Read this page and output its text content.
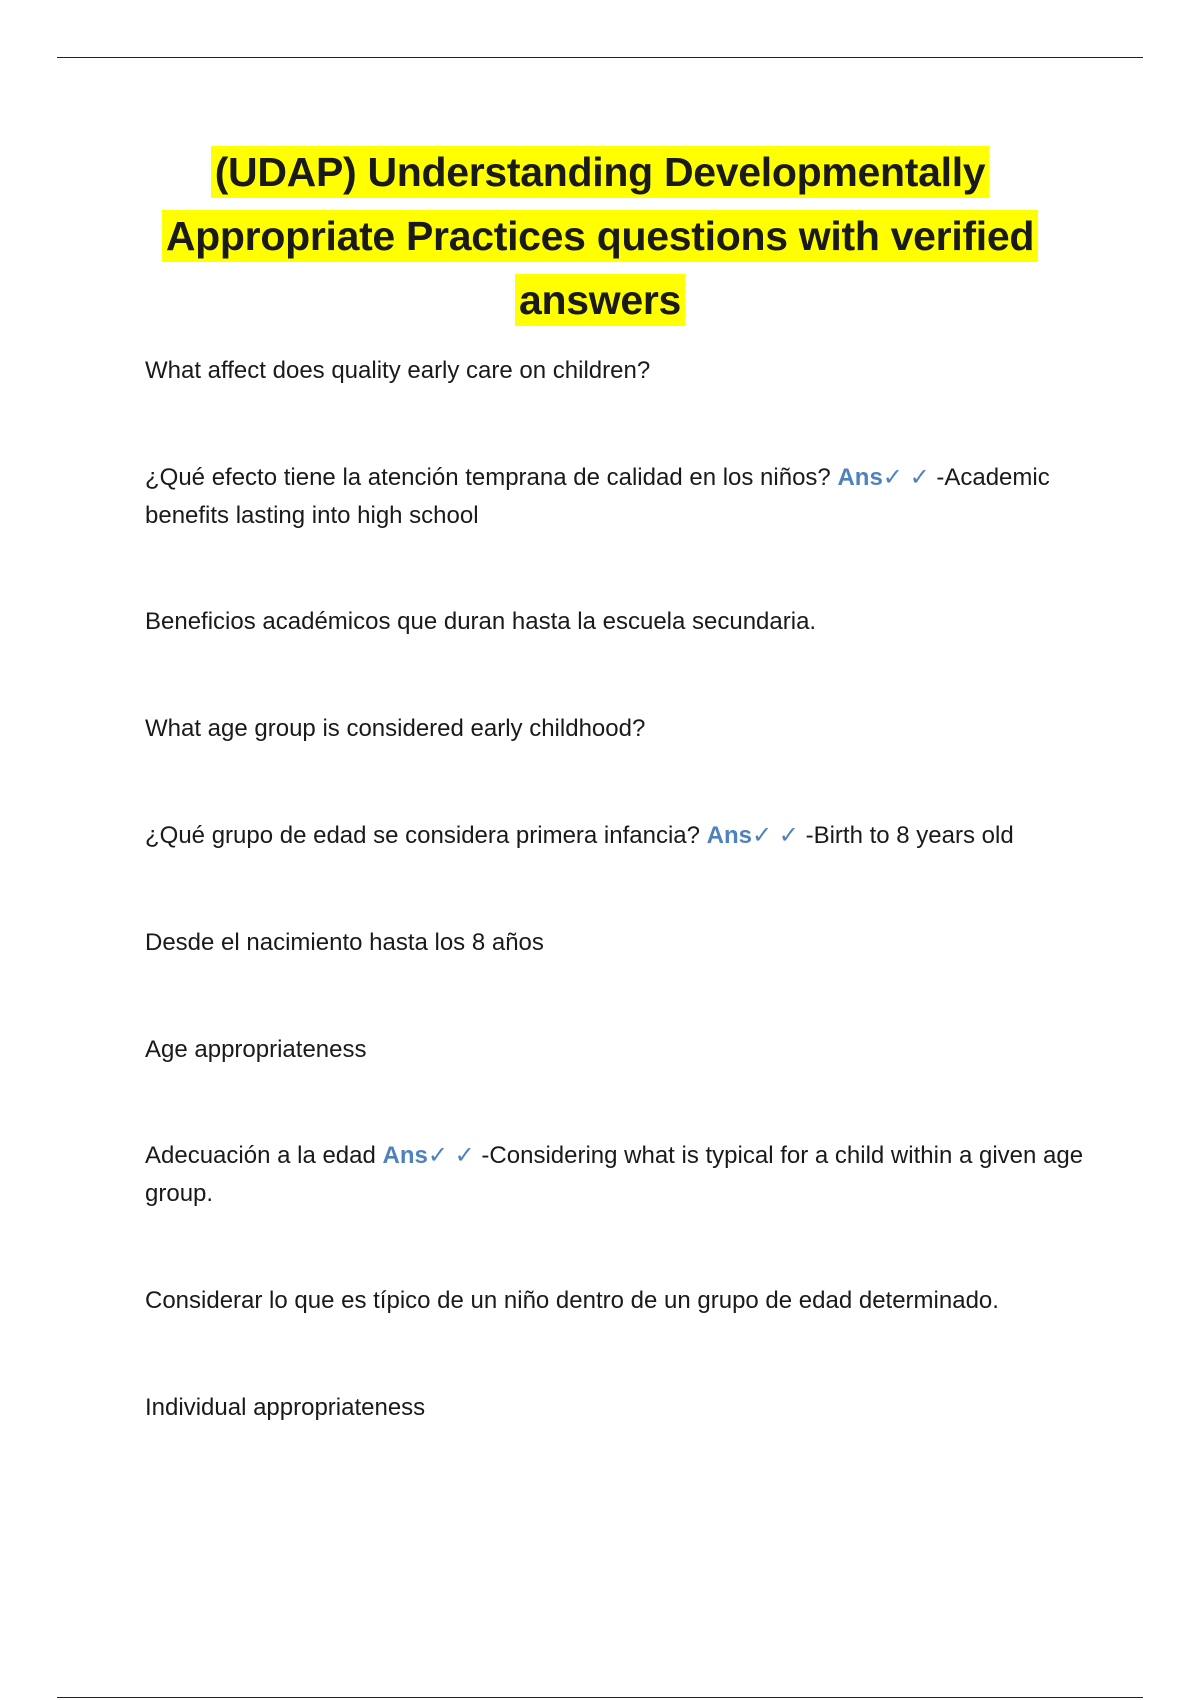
(UDAP) Understanding Developmentally Appropriate Practices questions with verified answers

What affect does quality early care on children?

¿Qué efecto tiene la atención temprana de calidad en los niños? Ans✓ ✓ -Academic benefits lasting into high school

Beneficios académicos que duran hasta la escuela secundaria.

What age group is considered early childhood?

¿Qué grupo de edad se considera primera infancia? Ans✓ ✓ -Birth to 8 years old

Desde el nacimiento hasta los 8 años

Age appropriateness

Adecuación a la edad Ans✓ ✓ -Considering what is typical for a child within a given age group.

Considerar lo que es típico de un niño dentro de un grupo de edad determinado.

Individual appropriateness
